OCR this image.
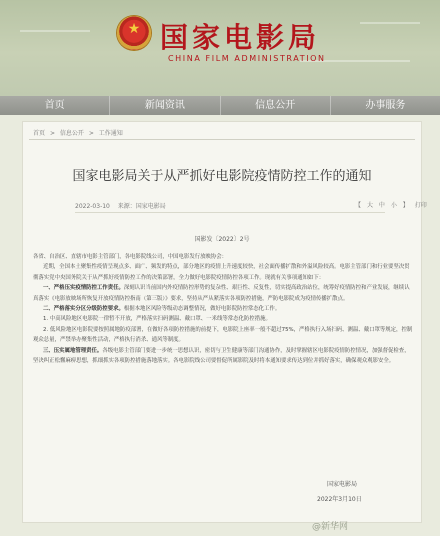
★ 国家电影局
CHINA FILM ADMINISTRATION
首页	新闻资讯	信息公开	办事服务
首页 > 信息公开 > 工作通知
国家电影局关于从严抓好电影院疫情防控工作的通知
2022-03-10 来源：国家电影局	【 大 中 小 】 打印
国影发〔2022〕2号

各省、自治区、直辖市电影主管部门，各电影院线公司，中国电影发行放映协会：

近期，全国本土聚集性疫情呈现点多、面广、频发的特点，部分地区的疫情上升速度较快，社会面传播扩散和外溢风险较高。电影主管部门和行业要坚决贯彻落实党中央国务院关于从严抓好疫情防控工作的决策部署，全力做好电影院疫情防控各项工作。现就有关事项通知如下：

一、严格压实疫情防控工作责任。深刻认识当前国内外疫情防控形势的复杂性、艰巨性、反复性，切实提高政治站位，统筹好疫情防控和产业发展，继续认真落实《电影放映场所恢复开放疫情防控指南（第三版）》要求，坚持从严从紧落实各项防控措施，严防电影院成为疫情传播扩散点。

二、严格落实分区分级防控要求。根据本地区风险等级动态调整情况，做好电影院防控常态化工作。

1. 中高风险地区电影院一律暂不开放，严格落实扫码测温、戴口罩、一米线等常态化防控措施。

2. 低风险地区电影院要按照属地防疫部署，在做好各项防控措施的前提下，电影院上座率一般不超过75%，严格执行入场扫码、测温、戴口罩等规定，控制观众总量，严禁举办聚集性活动，严格执行消杀、通风等制度。

三、压实属地管理责任。各级电影主管部门要进一步统一思想认识，密切与卫生健康等部门沟通协作，及时掌握辖区电影院疫情防控情况，加强督促检查，坚决纠正松懈麻痹思想，抓细抓实各项防控措施落地落实。各电影院线公司要督促所属影院及时将本通知要求传达到位并抓好落实，确保观众观影安全。

国家电影局
2022年3月10日
@新华网
